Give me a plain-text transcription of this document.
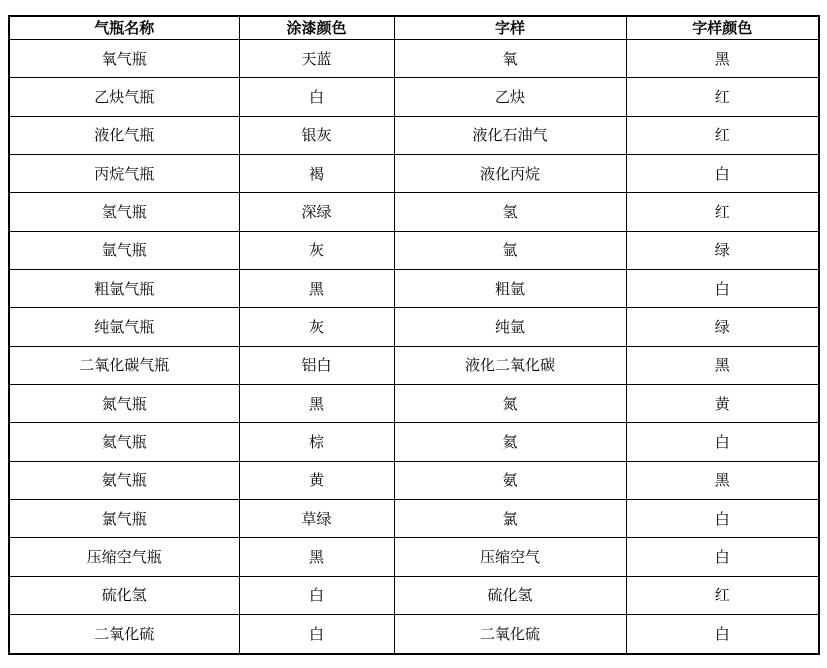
气瓶名称	涂漆颜色	字样	字样颜色
氧气瓶	天蓝	氧	黑
乙炔气瓶	白	乙炔	红
液化气瓶	银灰	液化石油气	红
丙烷气瓶	褐	液化丙烷	白
氢气瓶	深绿	氢	红
氩气瓶	灰	氩	绿
粗氩气瓶	黑	粗氩	白
纯氩气瓶	灰	纯氩	绿
二氧化碳气瓶	铝白	液化二氧化碳	黑
氮气瓶	黑	氮	黄
氦气瓶	棕	氦	白
氨气瓶	黄	氨	黑
氯气瓶	草绿	氯	白
压缩空气瓶	黑	压缩空气	白
硫化氢	白	硫化氢	红
二氧化硫	白	二氧化硫	白
